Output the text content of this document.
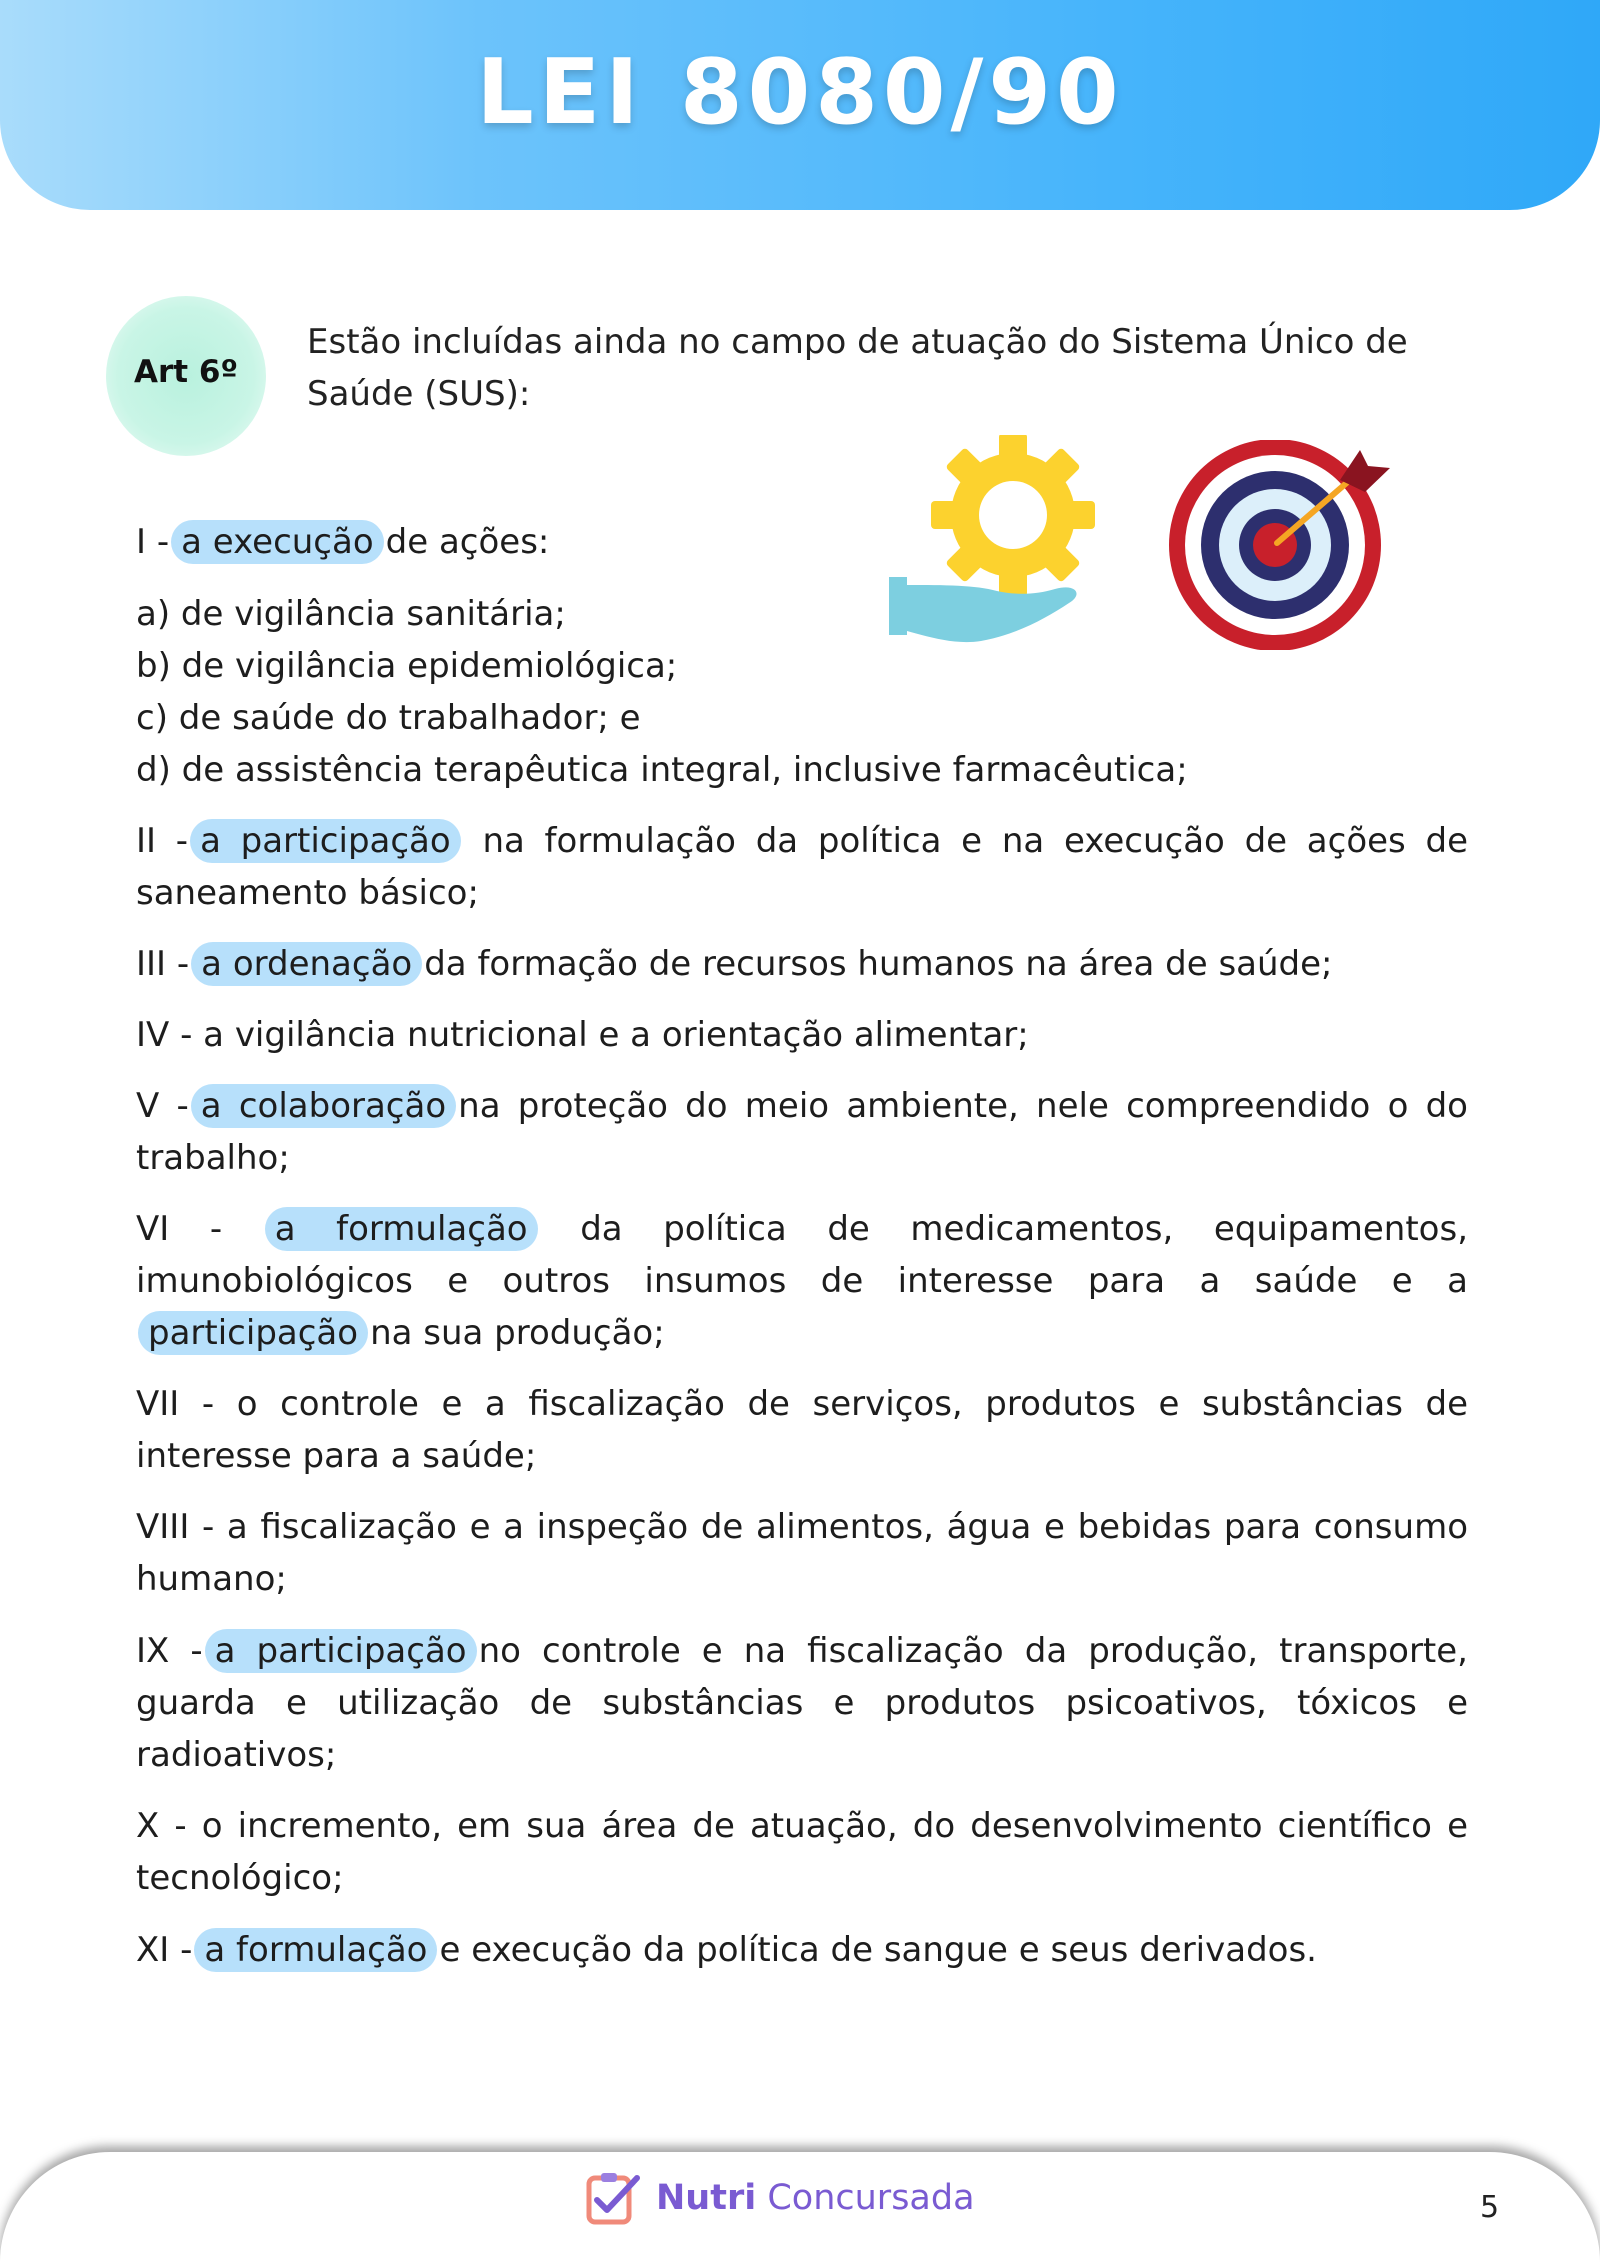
LEI 8080/90
Art 6º
Estão incluídas ainda no campo de atuação do Sistema Único de Saúde (SUS):
I - a execução de ações:
a) de vigilância sanitária;
b) de vigilância epidemiológica;
c) de saúde do trabalhador; e
d) de assistência terapêutica integral, inclusive farmacêutica;
II - a participação na formulação da política e na execução de ações de saneamento básico;
III - a ordenação da formação de recursos humanos na área de saúde;
IV - a vigilância nutricional e a orientação alimentar;
V - a colaboração na proteção do meio ambiente, nele compreendido o do trabalho;
VI - a formulação da política de medicamentos, equipamentos, imunobiológicos e outros insumos de interesse para a saúde e a participação na sua produção;
VII - o controle e a fiscalização de serviços, produtos e substâncias de interesse para a saúde;
VIII - a fiscalização e a inspeção de alimentos, água e bebidas para consumo humano;
IX - a participação no controle e na fiscalização da produção, transporte, guarda e utilização de substâncias e produtos psicoativos, tóxicos e radioativos;
X - o incremento, em sua área de atuação, do desenvolvimento científico e tecnológico;
XI - a formulação e execução da política de sangue e seus derivados.
Nutri Concursada	5
